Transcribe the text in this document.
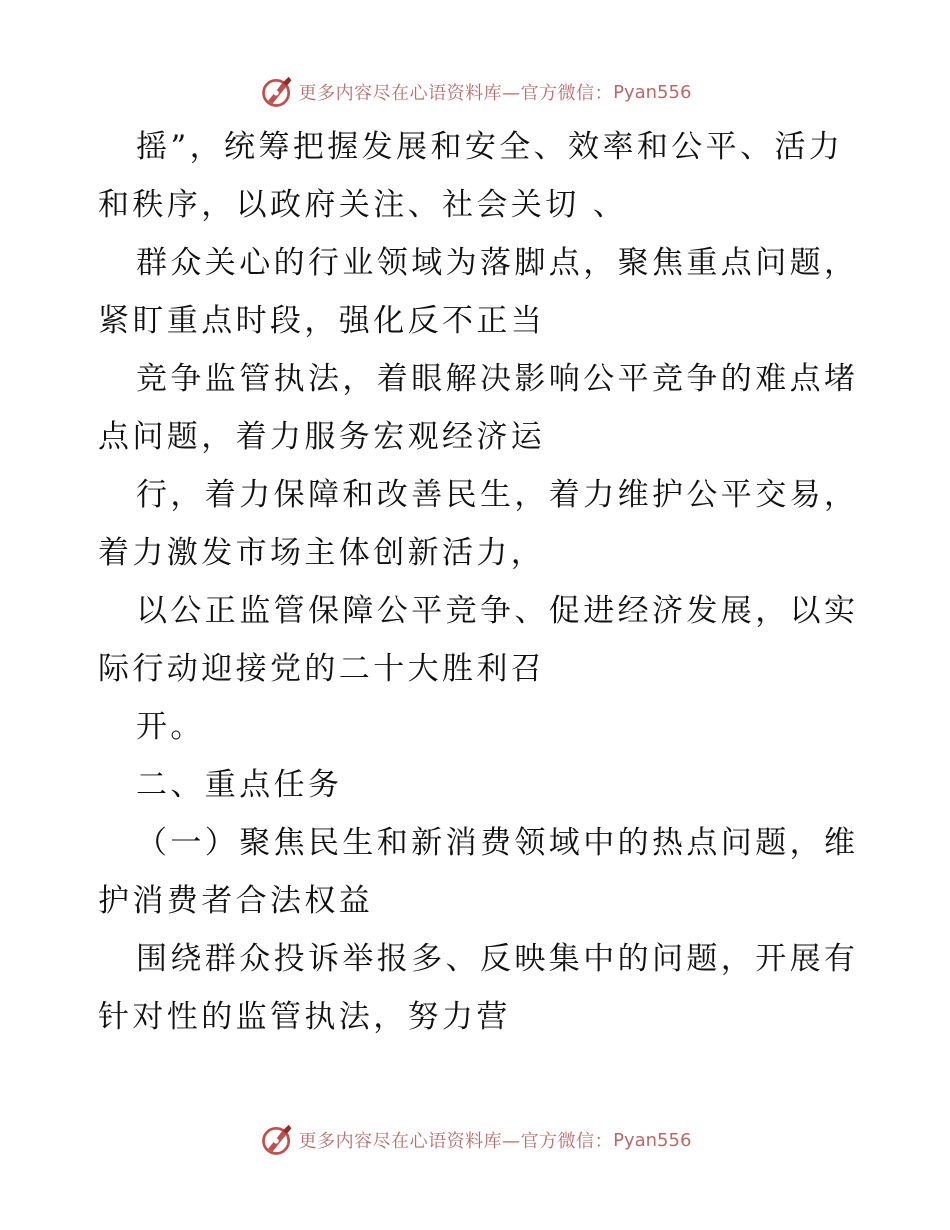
更多内容尽在心语资料库—官方微信： Pyan556
摇”，统筹把握发展和安全、效率和公平、活力
和秩序，以政府关注、社会关切 、
群众关心的行业领域为落脚点，聚焦重点问题，
紧盯重点时段，强化反不正当
竞争监管执法，着眼解决影响公平竞争的难点堵
点问题，着力服务宏观经济运
行，着力保障和改善民生，着力维护公平交易，
着力激发市场主体创新活力，
以公正监管保障公平竞争、促进经济发展，以实
际行动迎接党的二十大胜利召
开。
二、重点任务
（一）聚焦民生和新消费领域中的热点问题，维
护消费者合法权益
围绕群众投诉举报多、反映集中的问题，开展有
针对性的监管执法，努力营
更多内容尽在心语资料库—官方微信： Pyan556
